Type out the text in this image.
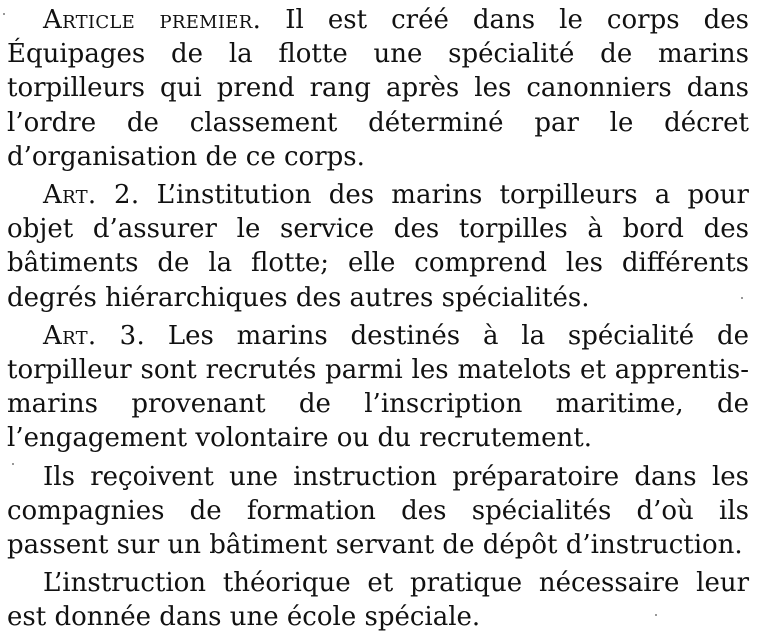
Article premier. Il est créé dans le corps des Équipages de la flotte une spécialité de marins torpilleurs qui prend rang après les canonniers dans l’ordre de classement déterminé par le décret d’organisation de ce corps.

Art. 2. L’institution des marins torpilleurs a pour objet d’assurer le service des torpilles à bord des bâtiments de la flotte; elle comprend les différents degrés hiérarchiques des autres spécialités.

Art. 3. Les marins destinés à la spécialité de torpilleur sont recrutés parmi les matelots et apprentis-marins provenant de l’inscription maritime, de l’engagement volontaire ou du recrutement.

Ils reçoivent une instruction préparatoire dans les compagnies de formation des spécialités d’où ils passent sur un bâtiment servant de dépôt d’instruction.

L’instruction théorique et pratique nécessaire leur est donnée dans une école spéciale.
